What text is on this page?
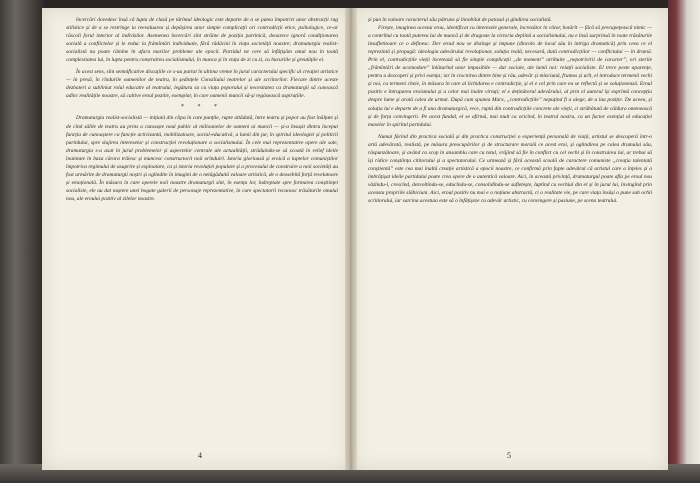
încercări dovedesc însă că lupta de clasă pe tărîmul ideologic este departe de a se putea împotrivi unor abstracții rag stilistice și de a se restrînge la reevaluarea și depășirea unor simple complicații ori contradicții etice, psihologice, ce-ar răscoli forul interior al indivizilor. Asemenea încercări sînt străine de poziția partinică, deoarece ignoră condiționarea socială a conflictelor și le reduc la frămîntări individuale, fără rădăcini în viața societății noastre; dramaturgia realist-socialistă nu poate rămîne în afara marilor probleme ale epocii. Partidul ne cere să înfățișăm omul nou în toată complexitatea lui, în lupta pentru construirea socialismului, în munca și în viața de zi cu zi, cu bucuriile și greutățile ei.

În acest sens, sînt semnificative discuțiile ce s-au purtat în ultima vreme în jurul caracterului specific al creației artistice — în presă, în rîndurile oamenilor de teatru, în ședințele Consiliului teatrelor și ale scriitorilor. Fiecare dintre aceste dezbateri a subliniat rolul educativ al teatrului, legătura sa cu viața poporului și necesitatea ca dramaturgii să cunoască adînc realitățile noastre, să cultive eroul pozitiv, exemplar, în care oamenii muncii să-și regăsească aspirațiile.

* * *

Dramaturgia realist-socialistă — inițiată din clipa în care punțile, rupte altădată, între teatru și popor au fost înălțate și de cînd sălile de teatru au prins a cunoaște noul public al milioanelor de oameni ai muncii — și-a însușit dintru început funcția de cunoaștere ca funcție activizantă, mobilizatoare, social-educativă, a lumii din jur, în spiritul ideologiei și politicii partidului, spre slujirea intereselor și construcției revoluționare a socialismului. În cele mai reprezentative opere ale sale, dramaturgia s-a axat în jurul problemelor și aspectelor centrale ale actualității, străduindu-se să scoată în relief ideile înaintate în baza cărora trăiesc și muncesc constructorii noii orînduiri. Istoria glorioasă și eroică a luptelor comuniștilor împotriva regimului de asuprire și exploatare, ca și istoria revoluției populare și a procesului de construire a noii societăți au fost urmărite de dramaturgii noștri și oglindite în imagini de o netăgăduită valoare artistică, de o deosebită forță revelatoare și emoțională. În măsura în care operele noii noastre dramaturgii sînt, în esența lor, îndreptate spre formarea conștiinței socialiste, ele au dat naștere unei bogate galerii de personaje reprezentative, în care spectatorii recunosc trăsăturile omului nou, ale eroului pozitiv al zilelor noastre.

și pun în valoare caracterul său pătruns și înnobilat de patosul și gîndirea socialistă.

Firește, imaginea acestui erou, identificat cu interesele generale, încrezător în viitor, hotărît — fără să precupețească nimic — a contribui cu toată puterea lui de muncă și de dragoste la victoria deplină a socialismului, nu e însă surprinsă în toate trăsăturile însufletitoare ce o definesc. Der eroul nou se distinge și impune (dincolo de locul său în intriga dramatică) prin ceea ce el reprezintă și propagă: ideologia adevărului revoluționar, soluția reală, necesară, dată contradicțiilor — conflictului — în dramă. Prin el, contradicțiile vieții încetează să fie simple complicații „de moment” atribuite „nepotrivirii de caracter”, ori sterile „frămîntări de acomodare” înlăturînd unor impasibile — dar sociale, ale lumii noi: relații socialiste. El trece peste aparențe, pentru a descoperi și privi esența; iar în ciocnirea dintre bine și rău, adevăr și minciună, frumos și urît, el introduce termenii vechi și noi, ca termeni cheie, în măsura în care al lichidarea e contradicție, și el e cel prin care ea se reflectă și se soluționează. Eroul pozitiv e întruparea eroismului și a celor mai înalte virtuți; el e deținătorul adevărului, al prin el autorul își exprimă concepția despre lume și arată calea de urmat. După cum spunea Marx, „contradicțiile” nepuțind fi a alege, de a lua poziție. De aceea, și soluția lui e departe de a fi una dramaturgică, rece, ruptă din contradicțiile concrete ale vieții, ci străbătută de căldura omenească și de forța convingerii. Pe acest fundal, el se afirmă, mai mult ca oricînd, în teatrul nostru, ca un factor esențial al educației maselor în spiritul partidului.

Numai făcînd din practica socială și din practica construcției o experiență personală de viață, artistul se descoperă într-o artă adevărată, realistă, pe măsura preocupărilor și de structurare morală ce acest eroi, și oglindirea pe calea drumului său, răspunzătoare, și având ca scop în ansamblu care cu totul, vrăjind să fie în conflict cu cel vechi și în construirea lui, ar trebui să își ridice conștiința cititorului și a spectatorului. Ce urmează și fără această scoală de caractere comuniste „creația talentată conștientă” este cea mai înaltă creație artistică a epocii noastre, ce confirmă prin fapte adevărul că artistul care a înțeles și a îmbrățișat ideile partidului poate crea opere de o autentică valoare. Aici, în această privință, dramaturgul poate afla pe eroul nou văzîndu-l, crescînd, dezvoltîndu-se, educîndu-se, consolidîndu-se sufletește, luptînd cu vechiul din el și în jurul lui, învingînd prin aceasta propriile slăbiciuni. Aici, eroul pozitiv nu mai e o noțiune abstractă, ci o realitate vie, pe care viața însăși o pune sub ochii scriitorului, iar sarcina acestuia este să o înfățișeze cu adevăr artistic, cu convingere și pasiune, pe scena teatrului.

4	5
